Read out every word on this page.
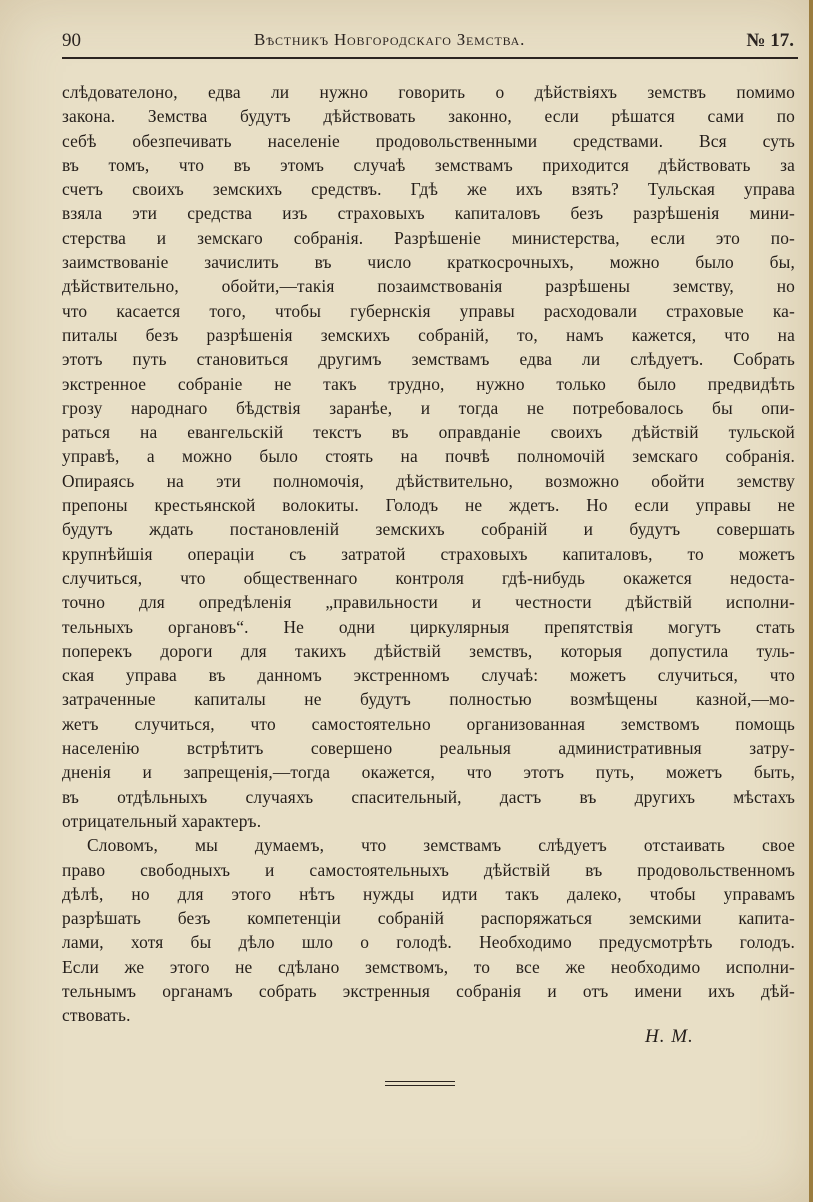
90	Вѣстникъ Новгородскаго Земства.	№ 17.
слѣдователоно, едва ли нужно говорить о дѣйствіяхъ земствъ помимо
закона. Земства будутъ дѣйствовать законно, если рѣшатся сами по
себѣ обезпечивать населеніе продовольственными средствами. Вся суть
въ томъ, что въ этомъ случаѣ земствамъ приходится дѣйствовать за
счетъ своихъ земскихъ средствъ. Гдѣ же ихъ взять? Тульская управа
взяла эти средства изъ страховыхъ капиталовъ безъ разрѣшенія мини-
стерства и земскаго собранія. Разрѣшеніе министерства, если это по-
заимствованіе зачислить въ число краткосрочныхъ, можно было бы,
дѣйствительно, обойти,—такія позаимствованія разрѣшены земству, но
что касается того, чтобы губернскія управы расходовали страховые ка-
питалы безъ разрѣшенія земскихъ собраній, то, намъ кажется, что на
этотъ путь становиться другимъ земствамъ едва ли слѣдуетъ. Собрать
экстренное собраніе не такъ трудно, нужно только было предвидѣть
грозу народнаго бѣдствія заранѣе, и тогда не потребовалось бы опи-
раться на евангельскій текстъ въ оправданіе своихъ дѣйствій тульской
управѣ, а можно было стоять на почвѣ полномочій земскаго собранія.
Опираясь на эти полномочія, дѣйствительно, возможно обойти земству
препоны крестьянской волокиты. Голодъ не ждетъ. Но если управы не
будутъ ждать постановленій земскихъ собраній и будутъ совершать
крупнѣйшія операціи съ затратой страховыхъ капиталовъ, то можетъ
случиться, что общественнаго контроля гдѣ-нибудь окажется недоста-
точно для опредѣленія „правильности и честности дѣйствій исполни-
тельныхъ органовъ“. Не одни циркулярныя препятствія могутъ стать
поперекъ дороги для такихъ дѣйствій земствъ, которыя допустила туль-
ская управа въ данномъ экстренномъ случаѣ: можетъ случиться, что
затраченные капиталы не будутъ полностью возмѣщены казной,—мо-
жетъ случиться, что самостоятельно организованная земствомъ помощь
населенію встрѣтитъ совершено реальныя административныя затру-
дненія и запрещенія,—тогда окажется, что этотъ путь, можетъ быть,
въ отдѣльныхъ случаяхъ спасительный, дастъ въ другихъ мѣстахъ
отрицательный характеръ.
Словомъ, мы думаемъ, что земствамъ слѣдуетъ отстаивать свое
право свободныхъ и самостоятельныхъ дѣйствій въ продовольственномъ
дѣлѣ, но для этого нѣтъ нужды идти такъ далеко, чтобы управамъ
разрѣшать безъ компетенціи собраній распоряжаться земскими капита-
лами, хотя бы дѣло шло о голодѣ. Необходимо предусмотрѣть голодъ.
Если же этого не сдѣлано земствомъ, то все же необходимо исполни-
тельнымъ органамъ собрать экстренныя собранія и отъ имени ихъ дѣй-
ствовать.
Н. М.
